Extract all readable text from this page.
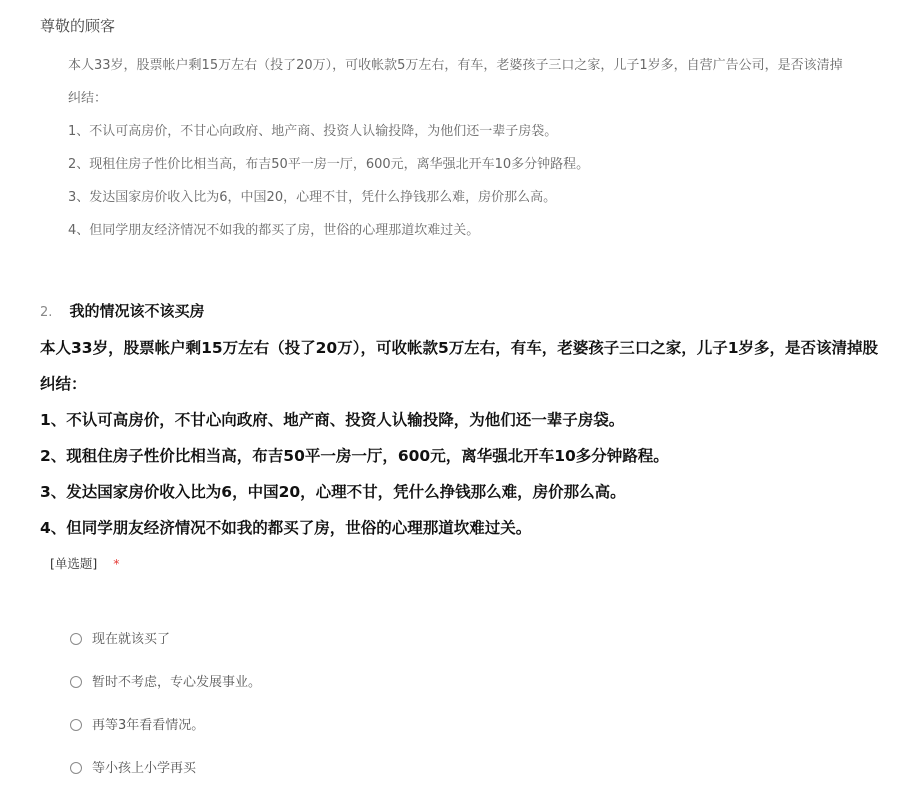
尊敬的顾客
本人33岁，股票帐户剩15万左右（投了20万），可收帐款5万左右，有车，老婆孩子三口之家，儿子1岁多，自营广告公司，是否该清掉
纠结：
1、不认可高房价，不甘心向政府、地产商、投资人认输投降，为他们还一辈子房袋。
2、现租住房子性价比相当高，布吉50平一房一厅，600元，离华强北开车10多分钟路程。
3、发达国家房价收入比为6，中国20，心理不甘，凭什么挣钱那么难，房价那么高。
4、但同学朋友经济情况不如我的都买了房，世俗的心理那道坎难过关。
2. 我的情况该不该买房
本人33岁，股票帐户剩15万左右（投了20万），可收帐款5万左右，有车，老婆孩子三口之家，儿子1岁多，是否该清掉股
纠结：
1、不认可高房价，不甘心向政府、地产商、投资人认输投降，为他们还一辈子房袋。
2、现租住房子性价比相当高，布吉50平一房一厅，600元，离华强北开车10多分钟路程。
3、发达国家房价收入比为6，中国20，心理不甘，凭什么挣钱那么难，房价那么高。
4、但同学朋友经济情况不如我的都买了房，世俗的心理那道坎难过关。
[单选题] *
现在就该买了
暂时不考虑，专心发展事业。
再等3年看看情况。
等小孩上小学再买
